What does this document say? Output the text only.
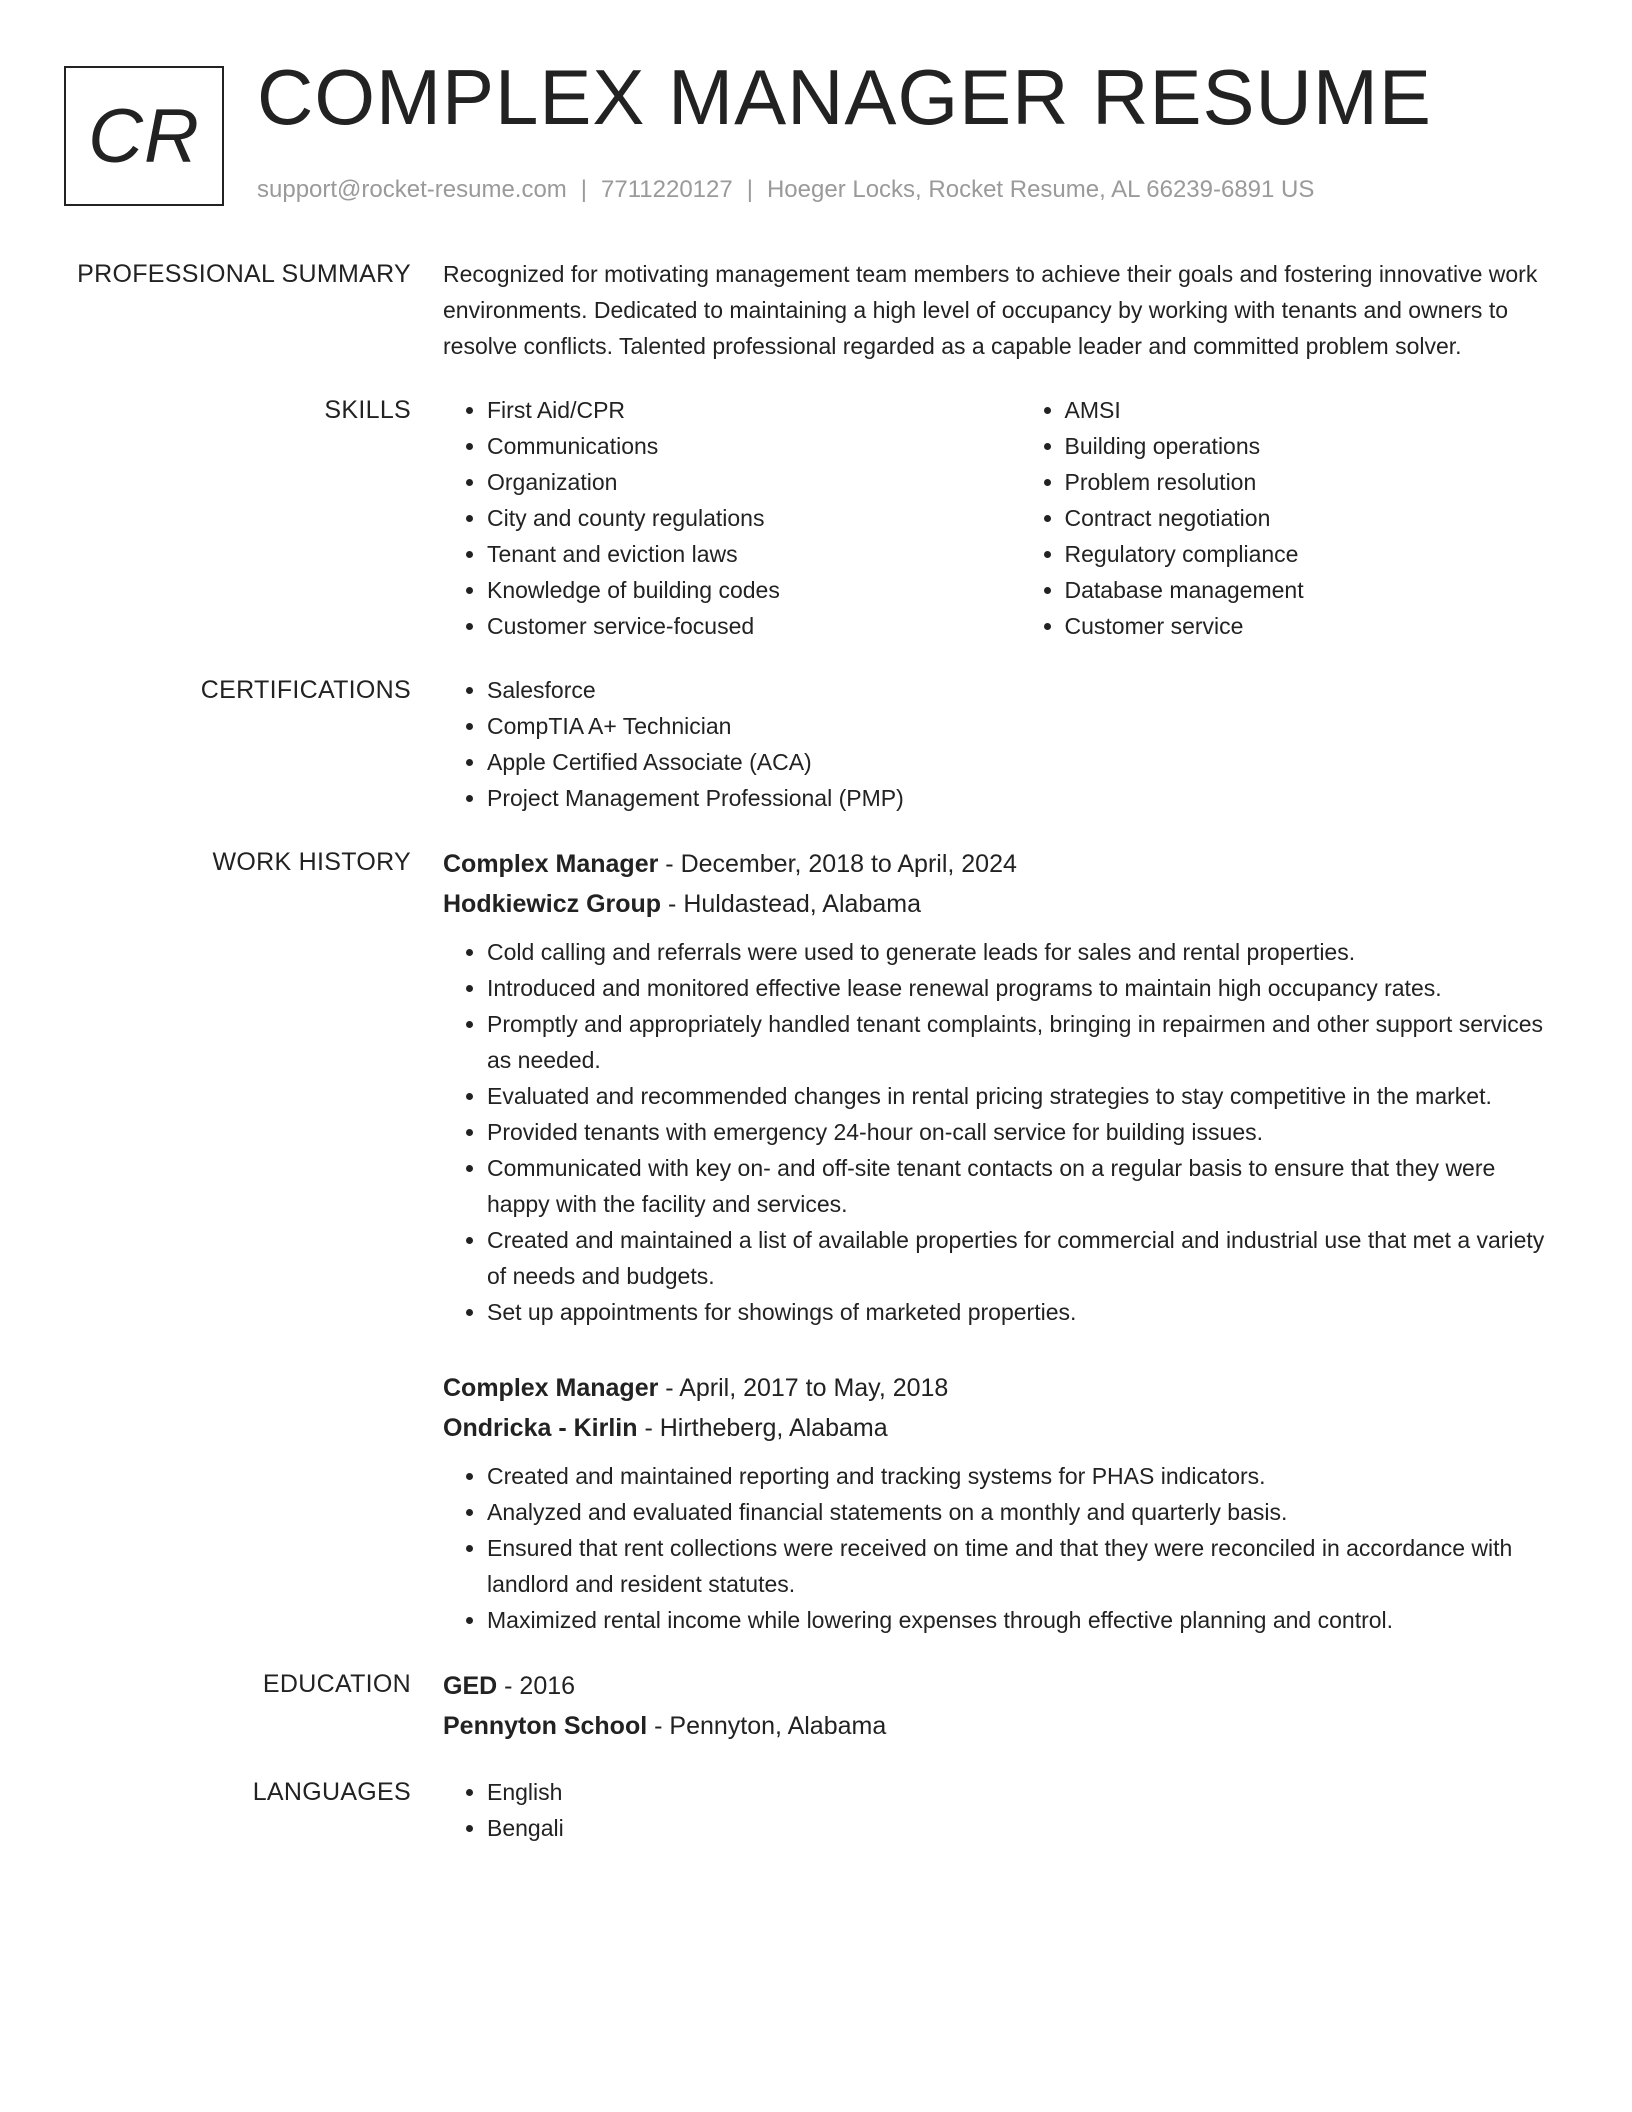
CR COMPLEX MANAGER RESUME
support@rocket-resume.com | 7711220127 | Hoeger Locks, Rocket Resume, AL 66239-6891 US
PROFESSIONAL SUMMARY Recognized for motivating management team members to achieve their goals and fostering innovative work environments. Dedicated to maintaining a high level of occupancy by working with tenants and owners to resolve conflicts. Talented professional regarded as a capable leader and committed problem solver.
SKILLS	• First Aid/CPR
• Communications
• Organization
• City and county regulations
• Tenant and eviction laws
• Knowledge of building codes
• Customer service-focused
• AMSI
• Building operations
• Problem resolution
• Contract negotiation
• Regulatory compliance
• Database management
• Customer service
CERTIFICATIONS	• Salesforce
• CompTIA A+ Technician
• Apple Certified Associate (ACA)
• Project Management Professional (PMP)
WORK HISTORY Complex Manager - December, 2018 to April, 2024
Hodkiewicz Group - Huldastead, Alabama
• Cold calling and referrals were used to generate leads for sales and rental properties.
• Introduced and monitored effective lease renewal programs to maintain high occupancy rates.
• Promptly and appropriately handled tenant complaints, bringing in repairmen and other support services as needed.
• Evaluated and recommended changes in rental pricing strategies to stay competitive in the market.
• Provided tenants with emergency 24-hour on-call service for building issues.
• Communicated with key on- and off-site tenant contacts on a regular basis to ensure that they were happy with the facility and services.
• Created and maintained a list of available properties for commercial and industrial use that met a variety of needs and budgets.
• Set up appointments for showings of marketed properties.
Complex Manager - April, 2017 to May, 2018
Ondricka - Kirlin - Hirtheberg, Alabama
• Created and maintained reporting and tracking systems for PHAS indicators.
• Analyzed and evaluated financial statements on a monthly and quarterly basis.
• Ensured that rent collections were received on time and that they were reconciled in accordance with landlord and resident statutes.
• Maximized rental income while lowering expenses through effective planning and control.
EDUCATION GED - 2016
Pennyton School - Pennyton, Alabama
LANGUAGES	• English
• Bengali
